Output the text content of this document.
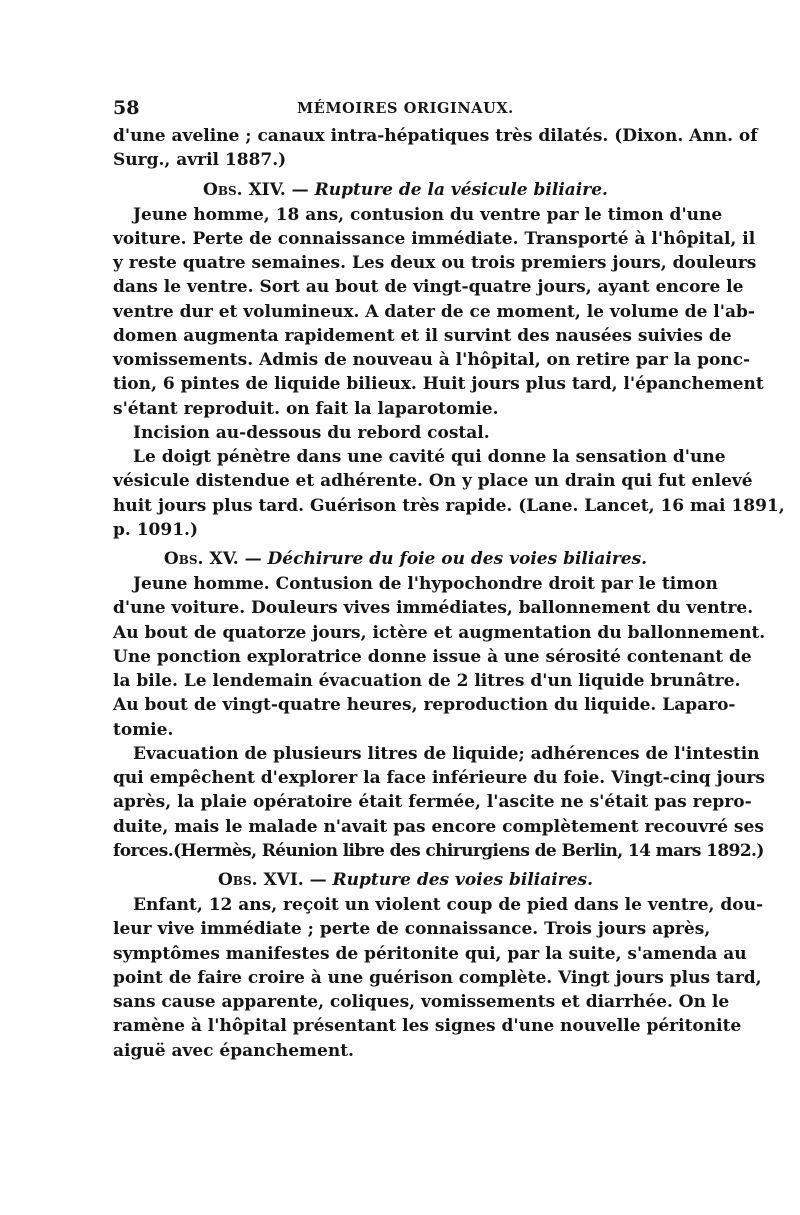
58	MÉMOIRES ORIGINAUX.
d'une aveline ; canaux intra-hépatiques très dilatés. (Dixon. Ann. of
Surg., avril 1887.)
Obs. XIV. — Rupture de la vésicule biliaire.
Jeune homme, 18 ans, contusion du ventre par le timon d'une
voiture. Perte de connaissance immédiate. Transporté à l'hôpital, il
y reste quatre semaines. Les deux ou trois premiers jours, douleurs
dans le ventre. Sort au bout de vingt-quatre jours, ayant encore le
ventre dur et volumineux. A dater de ce moment, le volume de l'ab-
domen augmenta rapidement et il survint des nausées suivies de
vomissements. Admis de nouveau à l'hôpital, on retire par la ponc-
tion, 6 pintes de liquide bilieux. Huit jours plus tard, l'épanchement
s'étant reproduit. on fait la laparotomie.
Incision au-dessous du rebord costal.
Le doigt pénètre dans une cavité qui donne la sensation d'une
vésicule distendue et adhérente. On y place un drain qui fut enlevé
huit jours plus tard. Guérison très rapide. (Lane. Lancet, 16 mai 1891,
p. 1091.)
Obs. XV. — Déchirure du foie ou des voies biliaires.
Jeune homme. Contusion de l'hypochondre droit par le timon
d'une voiture. Douleurs vives immédiates, ballonnement du ventre.
Au bout de quatorze jours, ictère et augmentation du ballonnement.
Une ponction exploratrice donne issue à une sérosité contenant de
la bile. Le lendemain évacuation de 2 litres d'un liquide brunâtre.
Au bout de vingt-quatre heures, reproduction du liquide. Laparo-
tomie.
Evacuation de plusieurs litres de liquide; adhérences de l'intestin
qui empêchent d'explorer la face inférieure du foie. Vingt-cinq jours
après, la plaie opératoire était fermée, l'ascite ne s'était pas repro-
duite, mais le malade n'avait pas encore complètement recouvré ses
forces.(Hermès, Réunion libre des chirurgiens de Berlin, 14 mars 1892.)
Obs. XVI. — Rupture des voies biliaires.
Enfant, 12 ans, reçoit un violent coup de pied dans le ventre, dou-
leur vive immédiate ; perte de connaissance. Trois jours après,
symptômes manifestes de péritonite qui, par la suite, s'amenda au
point de faire croire à une guérison complète. Vingt jours plus tard,
sans cause apparente, coliques, vomissements et diarrhée. On le
ramène à l'hôpital présentant les signes d'une nouvelle péritonite
aiguë avec épanchement.
